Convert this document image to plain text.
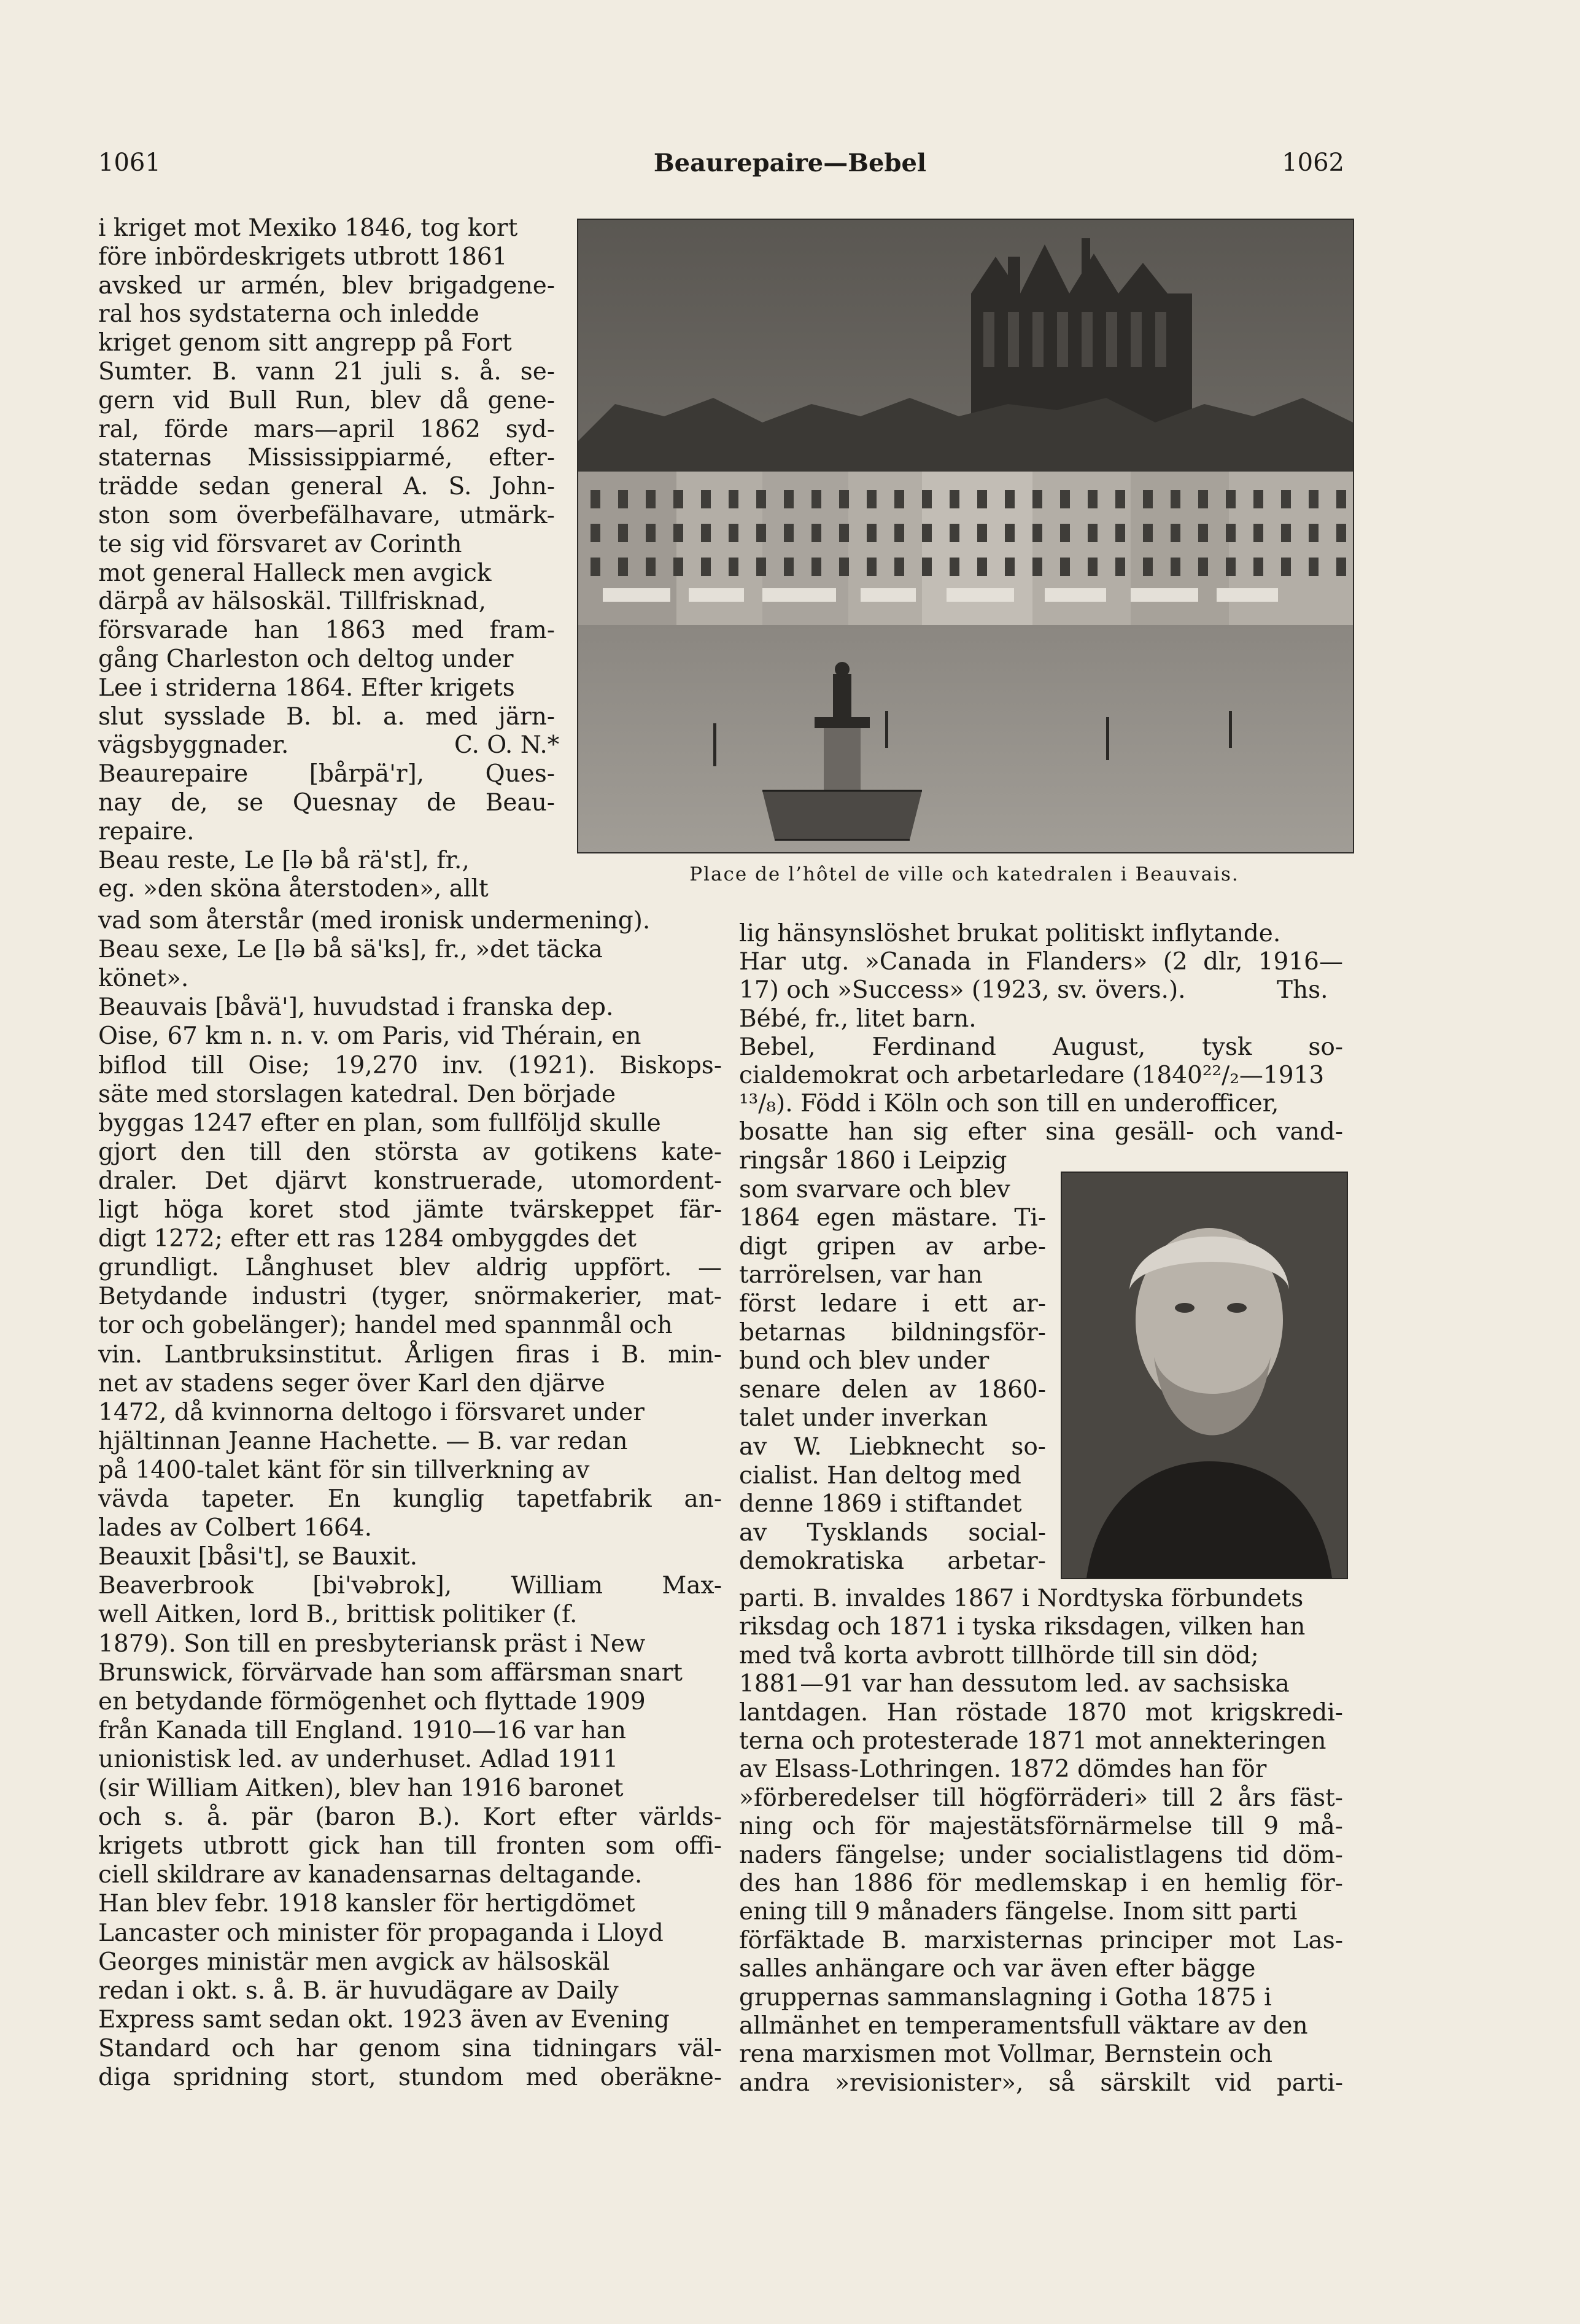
1061	Beaurepaire—Bebel	1062
Place de l’hôtel de ville och katedralen i Beauvais.
i kriget mot Mexiko 1846, tog kort
före inbördeskrigets utbrott 1861
avsked ur armén, blev brigadgene-
ral hos sydstaterna och inledde
kriget genom sitt angrepp på Fort
Sumter. B. vann 21 juli s. å. se-
gern vid Bull Run, blev då gene-
ral, förde mars—april 1862 syd-
staternas Mississippiarmé, efter-
trädde sedan general A. S. John-
ston som överbefälhavare, utmärk-
te sig vid försvaret av Corinth
mot general Halleck men avgick
därpå av hälsoskäl. Tillfrisknad,
försvarade han 1863 med fram-
gång Charleston och deltog under
Lee i striderna 1864. Efter krigets
slut sysslade B. bl. a. med järn-
vägsbyggnader.
Beaurepaire [bårpä'r], Ques-
nay de, se Quesnay de Beau-
repaire.
Beau reste, Le [lə bå rä'st], fr.,
eg. »den sköna återstoden», allt
vad som återstår (med ironisk undermening).
Beau sexe, Le [lə bå sä'ks], fr., »det täcka
könet».
Beauvais [båvä'], huvudstad i franska dep.
Oise, 67 km n. n. v. om Paris, vid Thérain, en
biflod till Oise; 19,270 inv. (1921). Biskops-
säte med storslagen katedral. Den började
byggas 1247 efter en plan, som fullföljd skulle
gjort den till den största av gotikens kate-
draler. Det djärvt konstruerade, utomordent-
ligt höga koret stod jämte tvärskeppet fär-
digt 1272; efter ett ras 1284 ombyggdes det
grundligt. Långhuset blev aldrig uppfört. —
Betydande industri (tyger, snörmakerier, mat-
tor och gobelänger); handel med spannmål och
vin. Lantbruksinstitut. Årligen firas i B. min-
net av stadens seger över Karl den djärve
1472, då kvinnorna deltogo i försvaret under
hjältinnan Jeanne Hachette. — B. var redan
på 1400-talet känt för sin tillverkning av
vävda tapeter. En kunglig tapetfabrik an-
lades av Colbert 1664.
Beauxit [båsi't], se Bauxit.
Beaverbrook [bi'vəbrok], William Max-
well Aitken, lord B., brittisk politiker (f.
1879). Son till en presbyteriansk präst i New
Brunswick, förvärvade han som affärsman snart
en betydande förmögenhet och flyttade 1909
från Kanada till England. 1910—16 var han
unionistisk led. av underhuset. Adlad 1911
(sir William Aitken), blev han 1916 baronet
och s. å. pär (baron B.). Kort efter världs-
krigets utbrott gick han till fronten som offi-
ciell skildrare av kanadensarnas deltagande.
Han blev febr. 1918 kansler för hertigdömet
Lancaster och minister för propaganda i Lloyd
Georges ministär men avgick av hälsoskäl
redan i okt. s. å. B. är huvudägare av Daily
Express samt sedan okt. 1923 även av Evening
Standard och har genom sina tidningars väl-
diga spridning stort, stundom med oberäkne-
lig hänsynslöshet brukat politiskt inflytande.
Har utg. »Canada in Flanders» (2 dlr, 1916—
17) och »Success» (1923, sv. övers.).
Bébé, fr., litet barn.
Bebel, Ferdinand August, tysk so-
cialdemokrat och arbetarledare (1840²²/₂—1913
¹³/₈). Född i Köln och son till en underofficer,
bosatte han sig efter sina gesäll- och vand-
ringsår 1860 i Leipzig
som svarvare och blev
1864 egen mästare. Ti-
digt gripen av arbe-
tarrörelsen, var han
först ledare i ett ar-
betarnas bildningsför-
bund och blev under
senare delen av 1860-
talet under inverkan
av W. Liebknecht so-
cialist. Han deltog med
denne 1869 i stiftandet
av Tysklands social-
demokratiska arbetar-
parti. B. invaldes 1867 i Nordtyska förbundets
riksdag och 1871 i tyska riksdagen, vilken han
med två korta avbrott tillhörde till sin död;
1881—91 var han dessutom led. av sachsiska
lantdagen. Han röstade 1870 mot krigskredi-
terna och protesterade 1871 mot annekteringen
av Elsass-Lothringen. 1872 dömdes han för
»förberedelser till högförräderi» till 2 års fäst-
ning och för majestätsförnärmelse till 9 må-
naders fängelse; under socialistlagens tid döm-
des han 1886 för medlemskap i en hemlig för-
ening till 9 månaders fängelse. Inom sitt parti
förfäktade B. marxisternas principer mot Las-
salles anhängare och var även efter bägge
gruppernas sammanslagning i Gotha 1875 i
allmänhet en temperamentsfull väktare av den
rena marxismen mot Vollmar, Bernstein och
andra »revisionister», så särskilt vid parti-
C. O. N.*
Ths.
